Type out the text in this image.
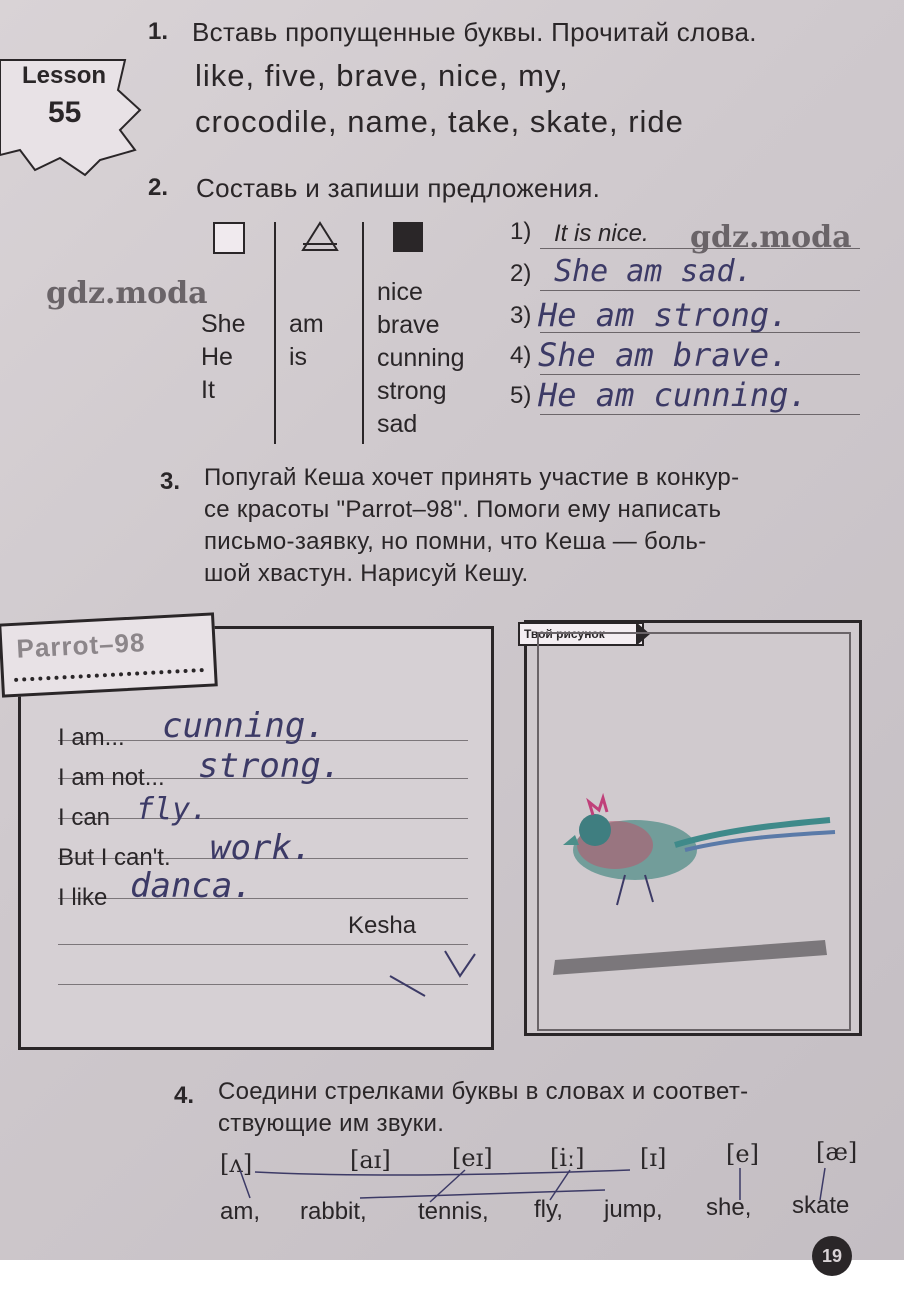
Lesson
55
1. Вставь пропущенные буквы. Прочитай слова.
like, five, brave, nice, my,
crocodile, name, take, skate, ride
2. Составь и запиши предложения.
She
He
It
am
is
nice
brave
cunning
strong
sad
1) It is nice.
2) She am sad.
3) He am strong.
4) She am brave.
5) He am cunning.
gdz.moda
gdz.moda
3. Попугай Кеша хочет принять участие в конкур-
се красоты "Parrot–98". Помоги ему написать
письмо-заявку, но помни, что Кеша — боль-
шой хвастун. Нарисуй Кешу.
Parrot–98
I am... cunning.
I am not... strong.
I can fly.
But I can't. work.
I like danca.
Kesha
Твой рисунок
4. Соедини стрелками буквы в словах и соответ-
ствующие им звуки.
[ʌ]	[aɪ]	[eɪ] [iː] [ɪ] [e] [æ]
am, rabbit, tennis, fly, jump, she, skate
19
